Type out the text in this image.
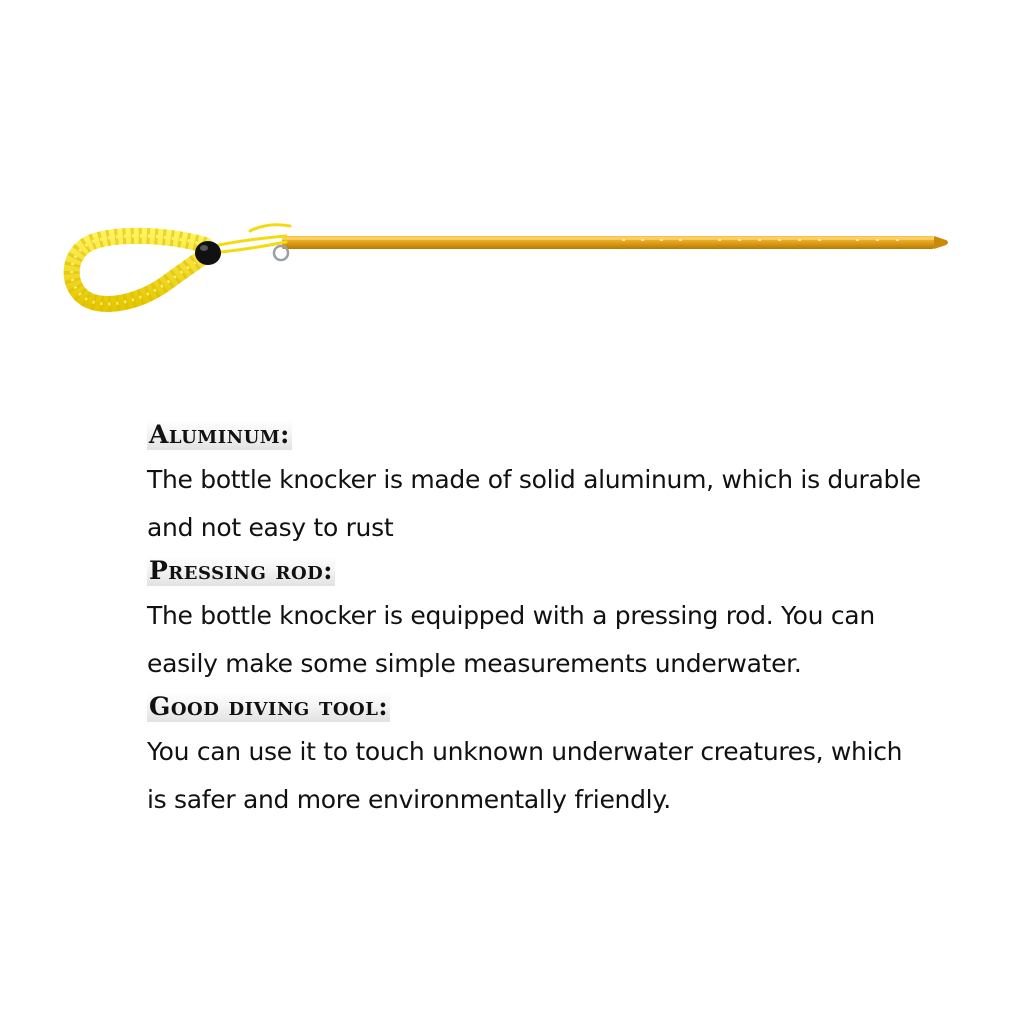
Aluminum:
The bottle knocker is made of solid aluminum, which is durable and not easy to rust
Pressing rod:
The bottle knocker is equipped with a pressing rod. You can easily make some simple measurements underwater.
Good diving tool:
You can use it to touch unknown underwater creatures, which is safer and more environmentally friendly.
